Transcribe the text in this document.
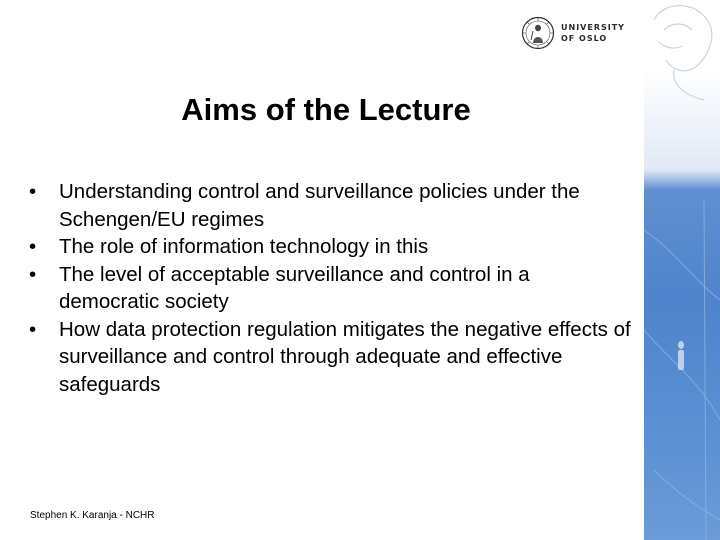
UNIVERSITY
OF OSLO
Aims of the Lecture
• Understanding control and surveillance policies under the Schengen/EU regimes
• The role of information technology in this
• The level of acceptable surveillance and control in a democratic society
• How data protection regulation mitigates the negative effects of surveillance and control through adequate and effective safeguards
Stephen K. Karanja - NCHR
